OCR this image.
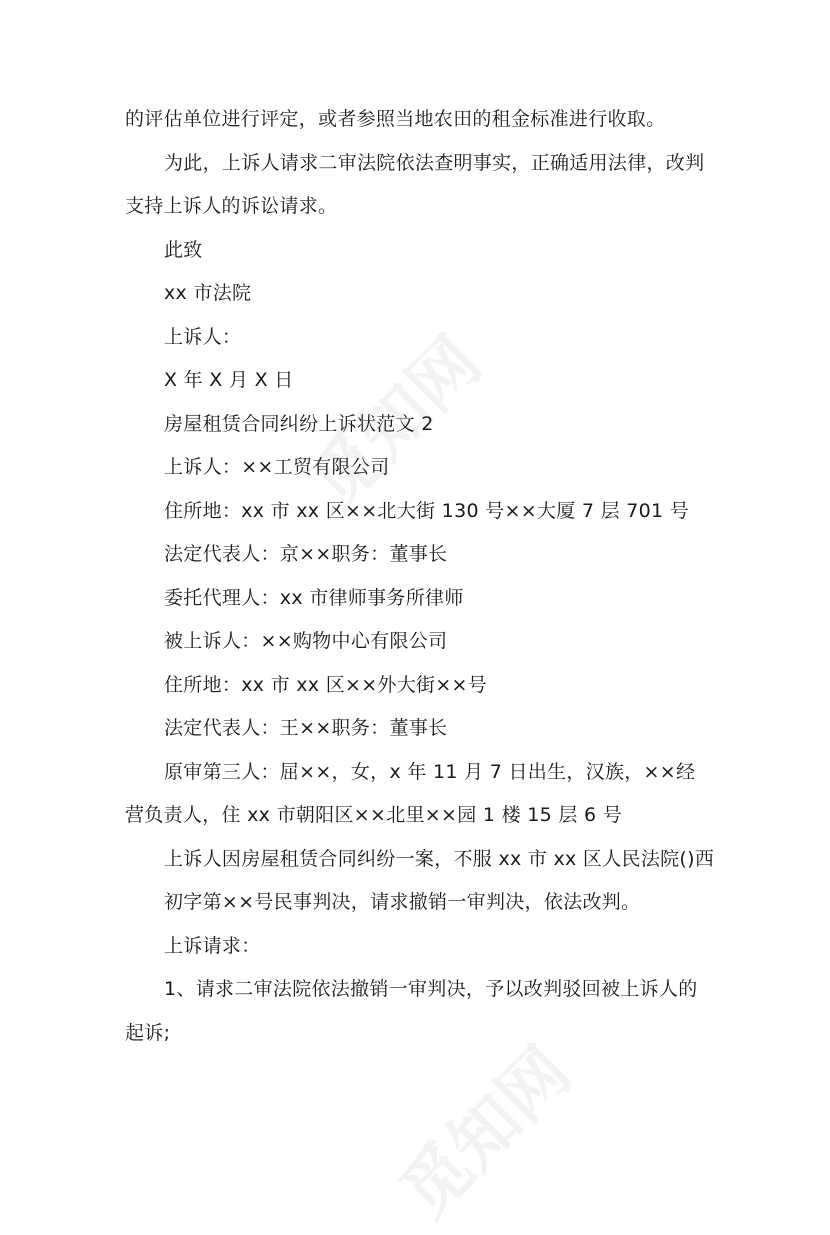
的评估单位进行评定，或者参照当地农田的租金标准进行收取。
为此，上诉人请求二审法院依法查明事实，正确适用法律，改判
支持上诉人的诉讼请求。
此致
xx 市法院
上诉人：
X 年 X 月 X 日
房屋租赁合同纠纷上诉状范文 2
上诉人：××工贸有限公司
住所地：xx 市 xx 区××北大街 130 号××大厦 7 层 701 号
法定代表人：京××职务：董事长
委托代理人：xx 市律师事务所律师
被上诉人：××购物中心有限公司
住所地：xx 市 xx 区××外大街××号
法定代表人：王××职务：董事长
原审第三人：屈××，女，x 年 11 月 7 日出生，汉族，××经
营负责人，住 xx 市朝阳区××北里××园 1 楼 15 层 6 号
上诉人因房屋租赁合同纠纷一案，不服 xx 市 xx 区人民法院()西
初字第××号民事判决，请求撤销一审判决，依法改判。
上诉请求：
1、请求二审法院依法撤销一审判决，予以改判驳回被上诉人的
起诉;
